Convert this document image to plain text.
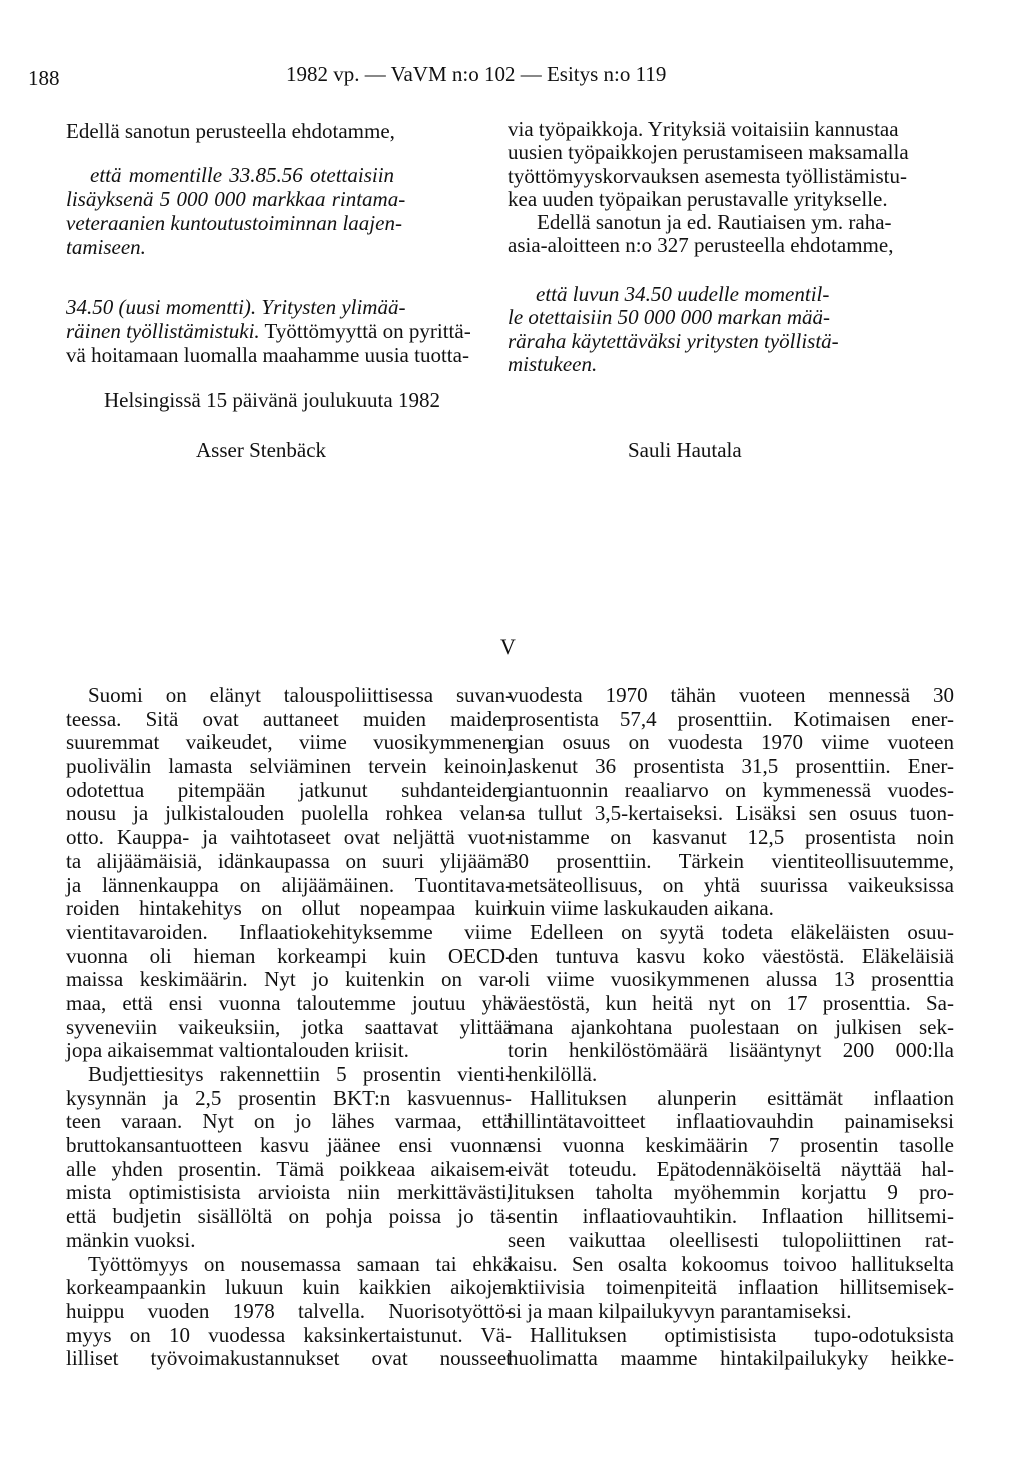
188	1982 vp. — VaVM n:o 102 — Esitys n:o 119
Edellä sanotun perusteella ehdotamme,
että momentille 33.85.56 otettaisiin
lisäyksenä 5 000 000 markkaa rintama-
veteraanien kuntoutustoiminnan laajen-
tamiseen.
34.50 (uusi momentti). Yritysten ylimää-
räinen työllistämistuki. Työttömyyttä on pyrittä-
vä hoitamaan luomalla maahamme uusia tuotta-
via työpaikkoja. Yrityksiä voitaisiin kannustaa
uusien työpaikkojen perustamiseen maksamalla
työttömyyskorvauksen asemesta työllistämistu-
kea uuden työpaikan perustavalle yritykselle.
Edellä sanotun ja ed. Rautiaisen ym. raha-
asia-aloitteen n:o 327 perusteella ehdotamme,
että luvun 34.50 uudelle momentil-
le otettaisiin 50 000 000 markan mää-
räraha käytettäväksi yritysten työllistä-
mistukeen.
Helsingissä 15 päivänä joulukuuta 1982
Asser Stenbäck	Sauli Hautala
V
Suomi on elänyt talouspoliittisessa suvan-
teessa. Sitä ovat auttaneet muiden maiden
suuremmat vaikeudet, viime vuosikymmenen
puolivälin lamasta selviäminen tervein keinoin,
odotettua pitempään jatkunut suhdanteiden
nousu ja julkistalouden puolella rohkea velan-
otto. Kauppa- ja vaihtotaseet ovat neljättä vuot-
ta alijäämäisiä, idänkaupassa on suuri ylijäämä
ja lännenkauppa on alijäämäinen. Tuontitava-
roiden hintakehitys on ollut nopeampaa kuin
vientitavaroiden. Inflaatiokehityksemme viime
vuonna oli hieman korkeampi kuin OECD-
maissa keskimäärin. Nyt jo kuitenkin on var-
maa, että ensi vuonna taloutemme joutuu yhä
syveneviin vaikeuksiin, jotka saattavat ylittää
jopa aikaisemmat valtiontalouden kriisit.
Budjettiesitys rakennettiin 5 prosentin vienti-
kysynnän ja 2,5 prosentin BKT:n kasvuennus-
teen varaan. Nyt on jo lähes varmaa, että
bruttokansantuotteen kasvu jäänee ensi vuonna
alle yhden prosentin. Tämä poikkeaa aikaisem-
mista optimistisista arvioista niin merkittävästi,
että budjetin sisällöltä on pohja poissa jo tä-
mänkin vuoksi.
Työttömyys on nousemassa samaan tai ehkä
korkeampaankin lukuun kuin kaikkien aikojen
huippu vuoden 1978 talvella. Nuorisotyöttö-
myys on 10 vuodessa kaksinkertaistunut. Vä-
lilliset työvoimakustannukset ovat nousseet
vuodesta 1970 tähän vuoteen mennessä 30
prosentista 57,4 prosenttiin. Kotimaisen ener-
gian osuus on vuodesta 1970 viime vuoteen
laskenut 36 prosentista 31,5 prosenttiin. Ener-
giantuonnin reaaliarvo on kymmenessä vuodes-
sa tullut 3,5-kertaiseksi. Lisäksi sen osuus tuon-
nistamme on kasvanut 12,5 prosentista noin
30 prosenttiin. Tärkein vientiteollisuutemme,
metsäteollisuus, on yhtä suurissa vaikeuksissa
kuin viime laskukauden aikana.
Edelleen on syytä todeta eläkeläisten osuu-
den tuntuva kasvu koko väestöstä. Eläkeläisiä
oli viime vuosikymmenen alussa 13 prosenttia
väestöstä, kun heitä nyt on 17 prosenttia. Sa-
mana ajankohtana puolestaan on julkisen sek-
torin henkilöstömäärä lisääntynyt 200 000:lla
henkilöllä.
Hallituksen alunperin esittämät inflaation
hillintätavoitteet inflaatiovauhdin painamiseksi
ensi vuonna keskimäärin 7 prosentin tasolle
eivät toteudu. Epätodennäköiseltä näyttää hal-
lituksen taholta myöhemmin korjattu 9 pro-
sentin inflaatiovauhtikin. Inflaation hillitsemi-
seen vaikuttaa oleellisesti tulopoliittinen rat-
kaisu. Sen osalta kokoomus toivoo hallitukselta
aktiivisia toimenpiteitä inflaation hillitsemisek-
si ja maan kilpailukyvyn parantamiseksi.
Hallituksen optimistisista tupo-odotuksista
huolimatta maamme hintakilpailukyky heikke-
